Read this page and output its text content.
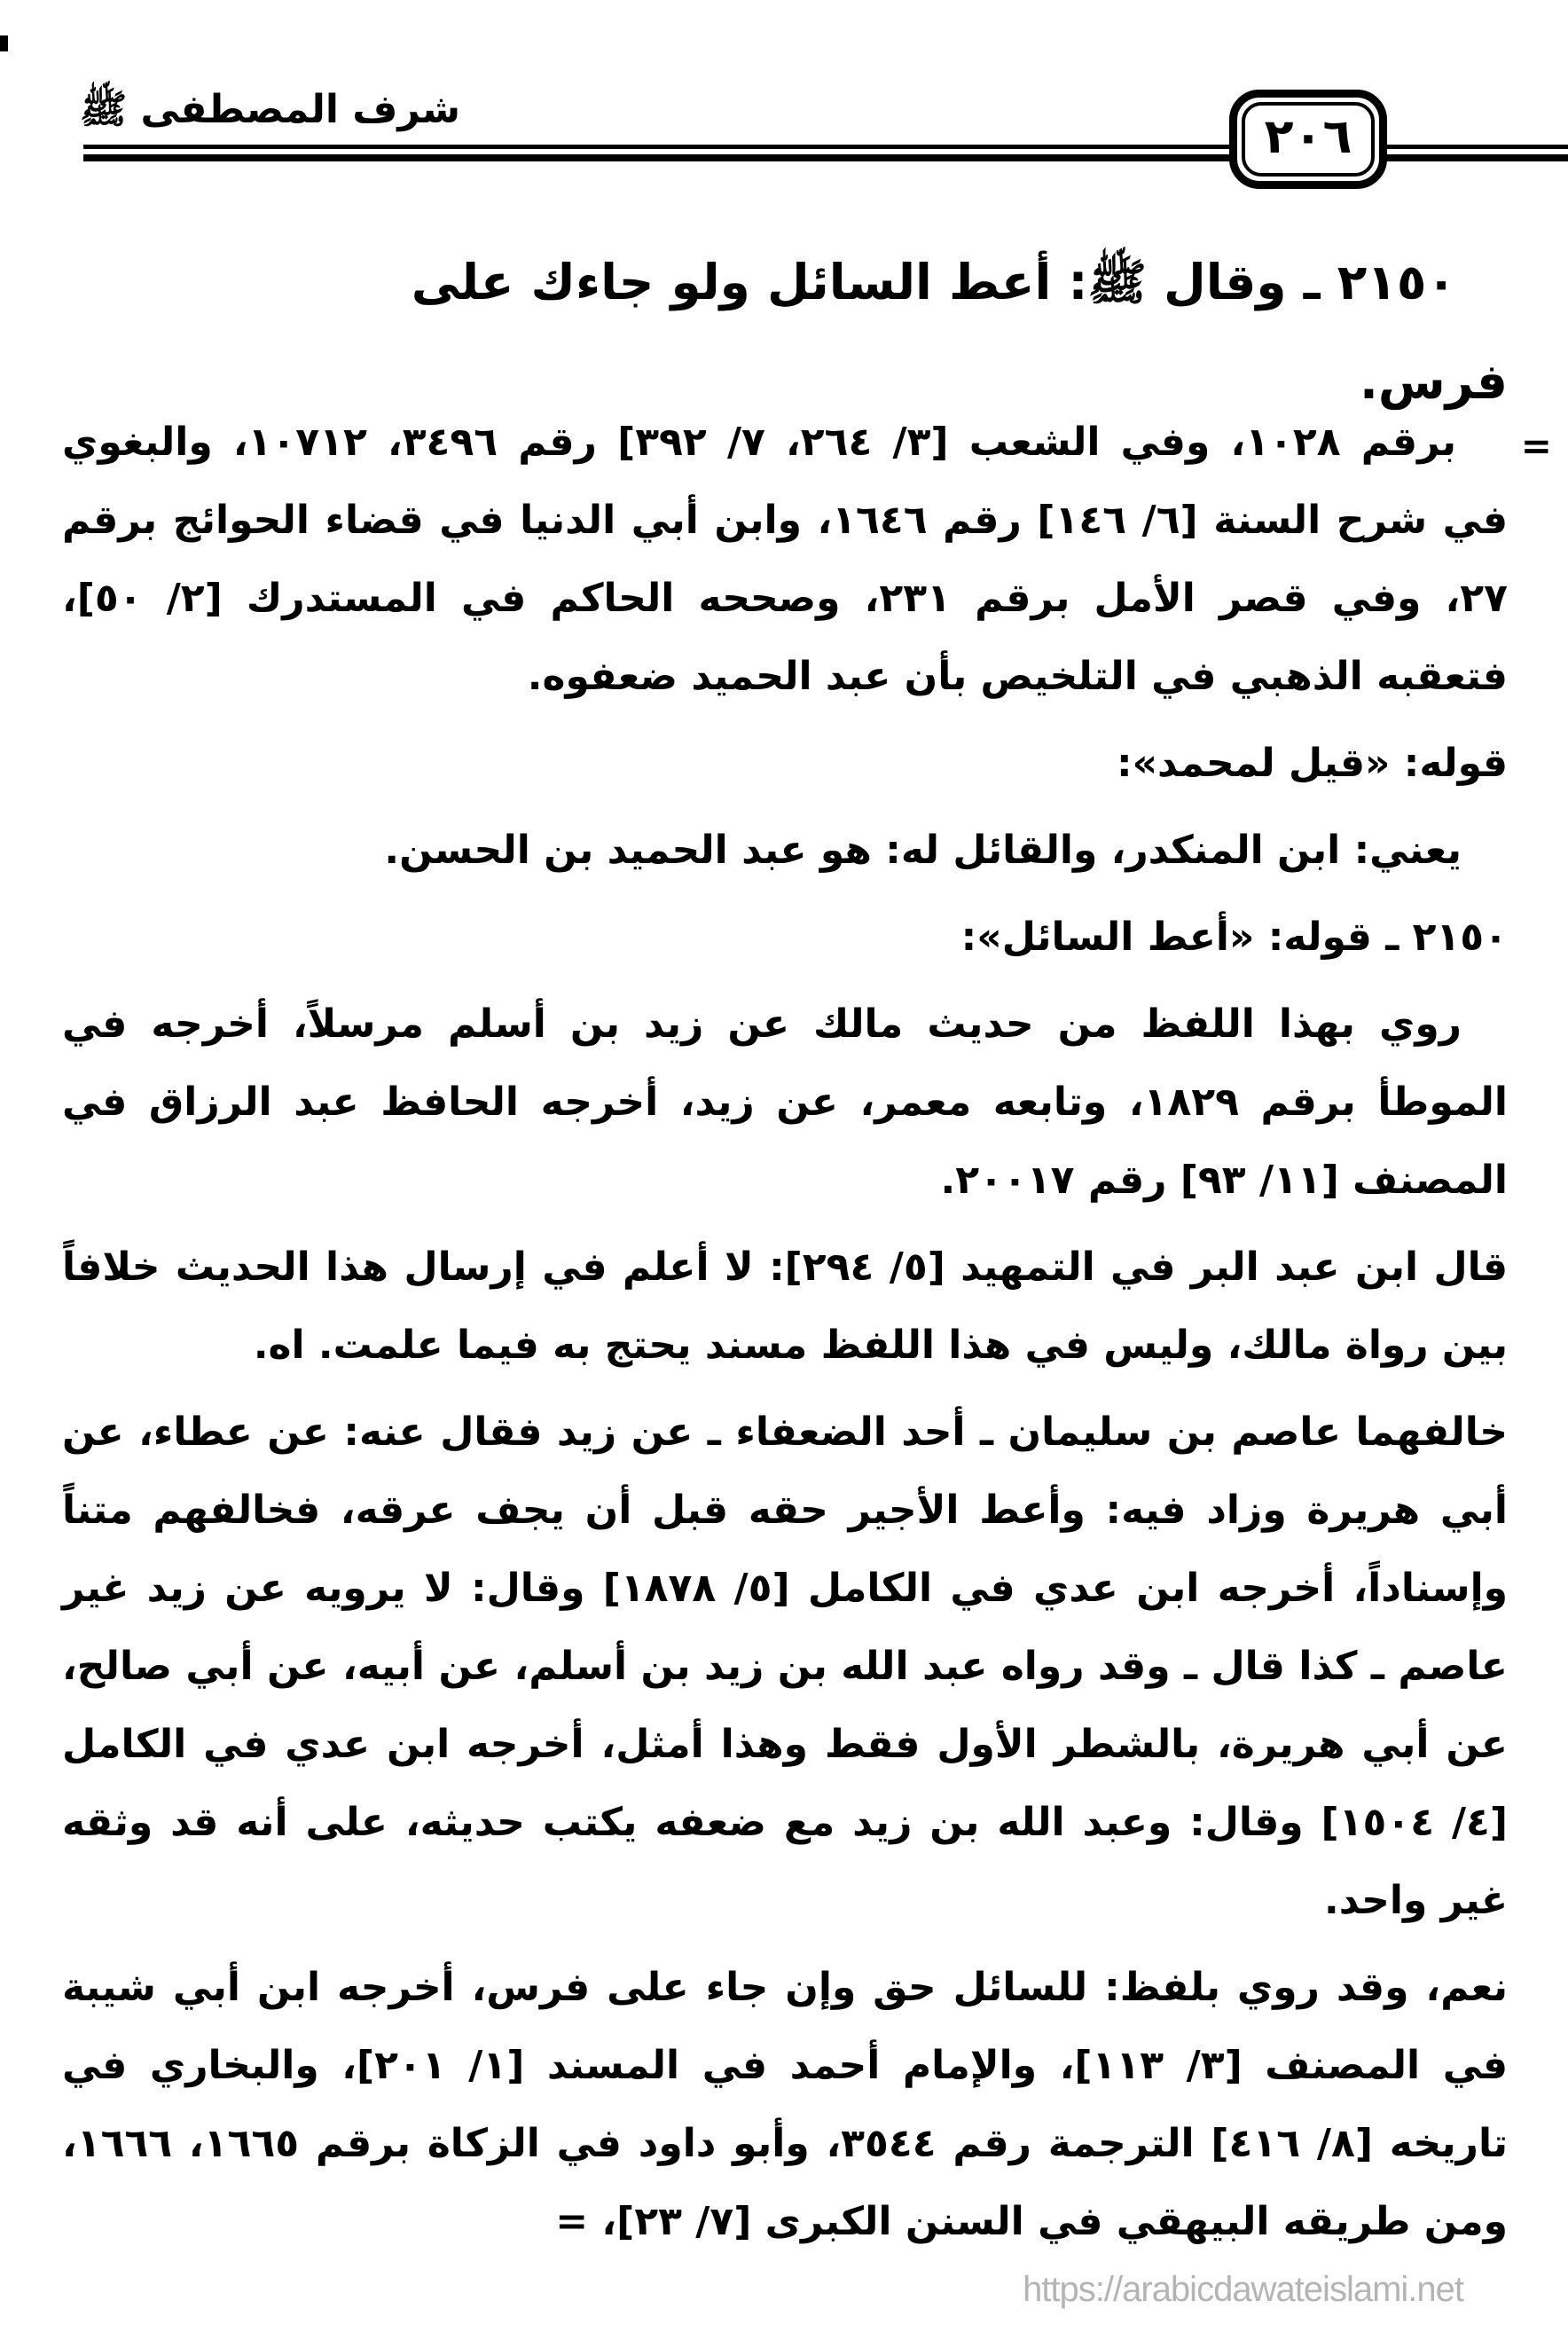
شرف المصطفى ﷺ	٢٠٦
٢١٥٠ ـ وقال ﷺ: أعط السائل ولو جاءك على فرس.
=

برقم ١٠٢٨، وفي الشعب [٣/ ٢٦٤، ٧/ ٣٩٢] رقم ٣٤٩٦، ١٠٧١٢، والبغوي في شرح السنة [٦/ ١٤٦] رقم ١٦٤٦، وابن أبي الدنيا في قضاء الحوائج برقم ٢٧، وفي قصر الأمل برقم ٢٣١، وصححه الحاكم في المستدرك [٢/ ٥٠]، فتعقبه الذهبي في التلخيص بأن عبد الحميد ضعفوه.

قوله: «قيل لمحمد»:

يعني: ابن المنكدر، والقائل له: هو عبد الحميد بن الحسن.

٢١٥٠ ـ قوله: «أعط السائل»:

روي بهذا اللفظ من حديث مالك عن زيد بن أسلم مرسلاً، أخرجه في الموطأ برقم ١٨٢٩، وتابعه معمر، عن زيد، أخرجه الحافظ عبد الرزاق في المصنف [١١/ ٩٣] رقم ٢٠٠١٧.

قال ابن عبد البر في التمهيد [٥/ ٢٩٤]: لا أعلم في إرسال هذا الحديث خلافاً بين رواة مالك، وليس في هذا اللفظ مسند يحتج به فيما علمت. اه.

خالفهما عاصم بن سليمان ـ أحد الضعفاء ـ عن زيد فقال عنه: عن عطاء، عن أبي هريرة وزاد فيه: وأعط الأجير حقه قبل أن يجف عرقه، فخالفهم متناً وإسناداً، أخرجه ابن عدي في الكامل [٥/ ١٨٧٨] وقال: لا يرويه عن زيد غير عاصم ـ كذا قال ـ وقد رواه عبد الله بن زيد بن أسلم، عن أبيه، عن أبي صالح، عن أبي هريرة، بالشطر الأول فقط وهذا أمثل، أخرجه ابن عدي في الكامل [٤/ ١٥٠٤] وقال: وعبد الله بن زيد مع ضعفه يكتب حديثه، على أنه قد وثقه غير واحد.

نعم، وقد روي بلفظ: للسائل حق وإن جاء على فرس، أخرجه ابن أبي شيبة في المصنف [٣/ ١١٣]، والإمام أحمد في المسند [١/ ٢٠١]، والبخاري في تاريخه [٨/ ٤١٦] الترجمة رقم ٣٥٤٤، وأبو داود في الزكاة برقم ١٦٦٥، ١٦٦٦، ومن طريقه البيهقي في السنن الكبرى [٧/ ٢٣]، =

https://arabicdawateislami.net
